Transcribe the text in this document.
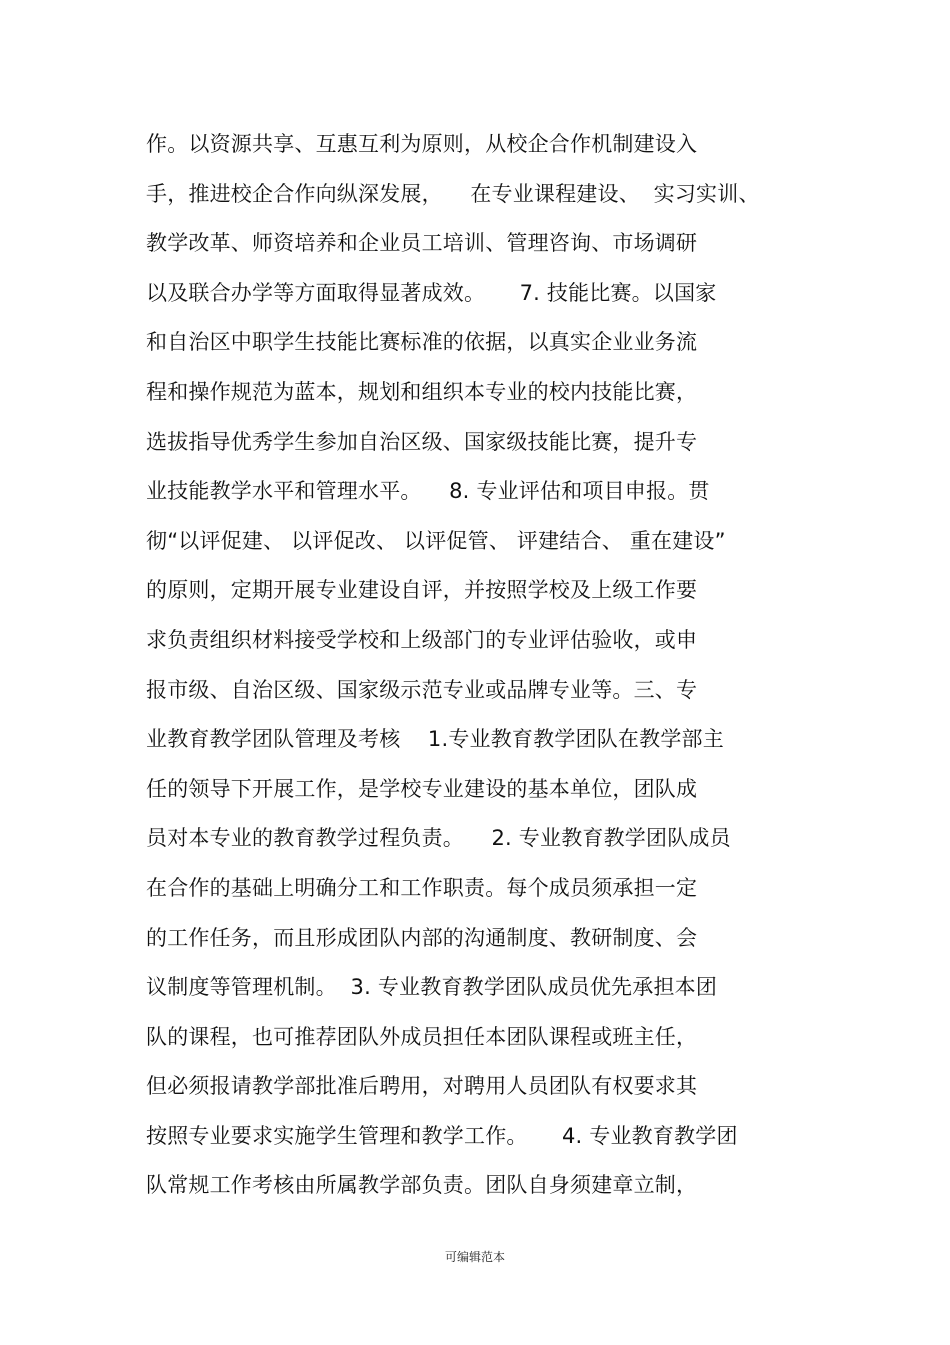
作。以资源共享、互惠互利为原则，从校企合作机制建设入
手，推进校企合作向纵深发展，    在专业课程建设、  实习实训、
教学改革、师资培养和企业员工培训、管理咨询、市场调研
以及联合办学等方面取得显著成效。     7. 技能比赛。以国家
和自治区中职学生技能比赛标准的依据，以真实企业业务流
程和操作规范为蓝本，规划和组织本专业的校内技能比赛，
选拔指导优秀学生参加自治区级、国家级技能比赛，提升专
业技能教学水平和管理水平。    8. 专业评估和项目申报。贯
彻“以评促建、 以评促改、 以评促管、 评建结合、 重在建设”
的原则，定期开展专业建设自评，并按照学校及上级工作要
求负责组织材料接受学校和上级部门的专业评估验收，或申
报市级、自治区级、国家级示范专业或品牌专业等。三、专
业教育教学团队管理及考核    1.专业教育教学团队在教学部主
任的领导下开展工作，是学校专业建设的基本单位，团队成
员对本专业的教育教学过程负责。    2. 专业教育教学团队成员
在合作的基础上明确分工和工作职责。每个成员须承担一定
的工作任务，而且形成团队内部的沟通制度、教研制度、会
议制度等管理机制。  3. 专业教育教学团队成员优先承担本团
队的课程，也可推荐团队外成员担任本团队课程或班主任，
但必须报请教学部批准后聘用，对聘用人员团队有权要求其
按照专业要求实施学生管理和教学工作。     4. 专业教育教学团
队常规工作考核由所属教学部负责。团队自身须建章立制，
可编辑范本
